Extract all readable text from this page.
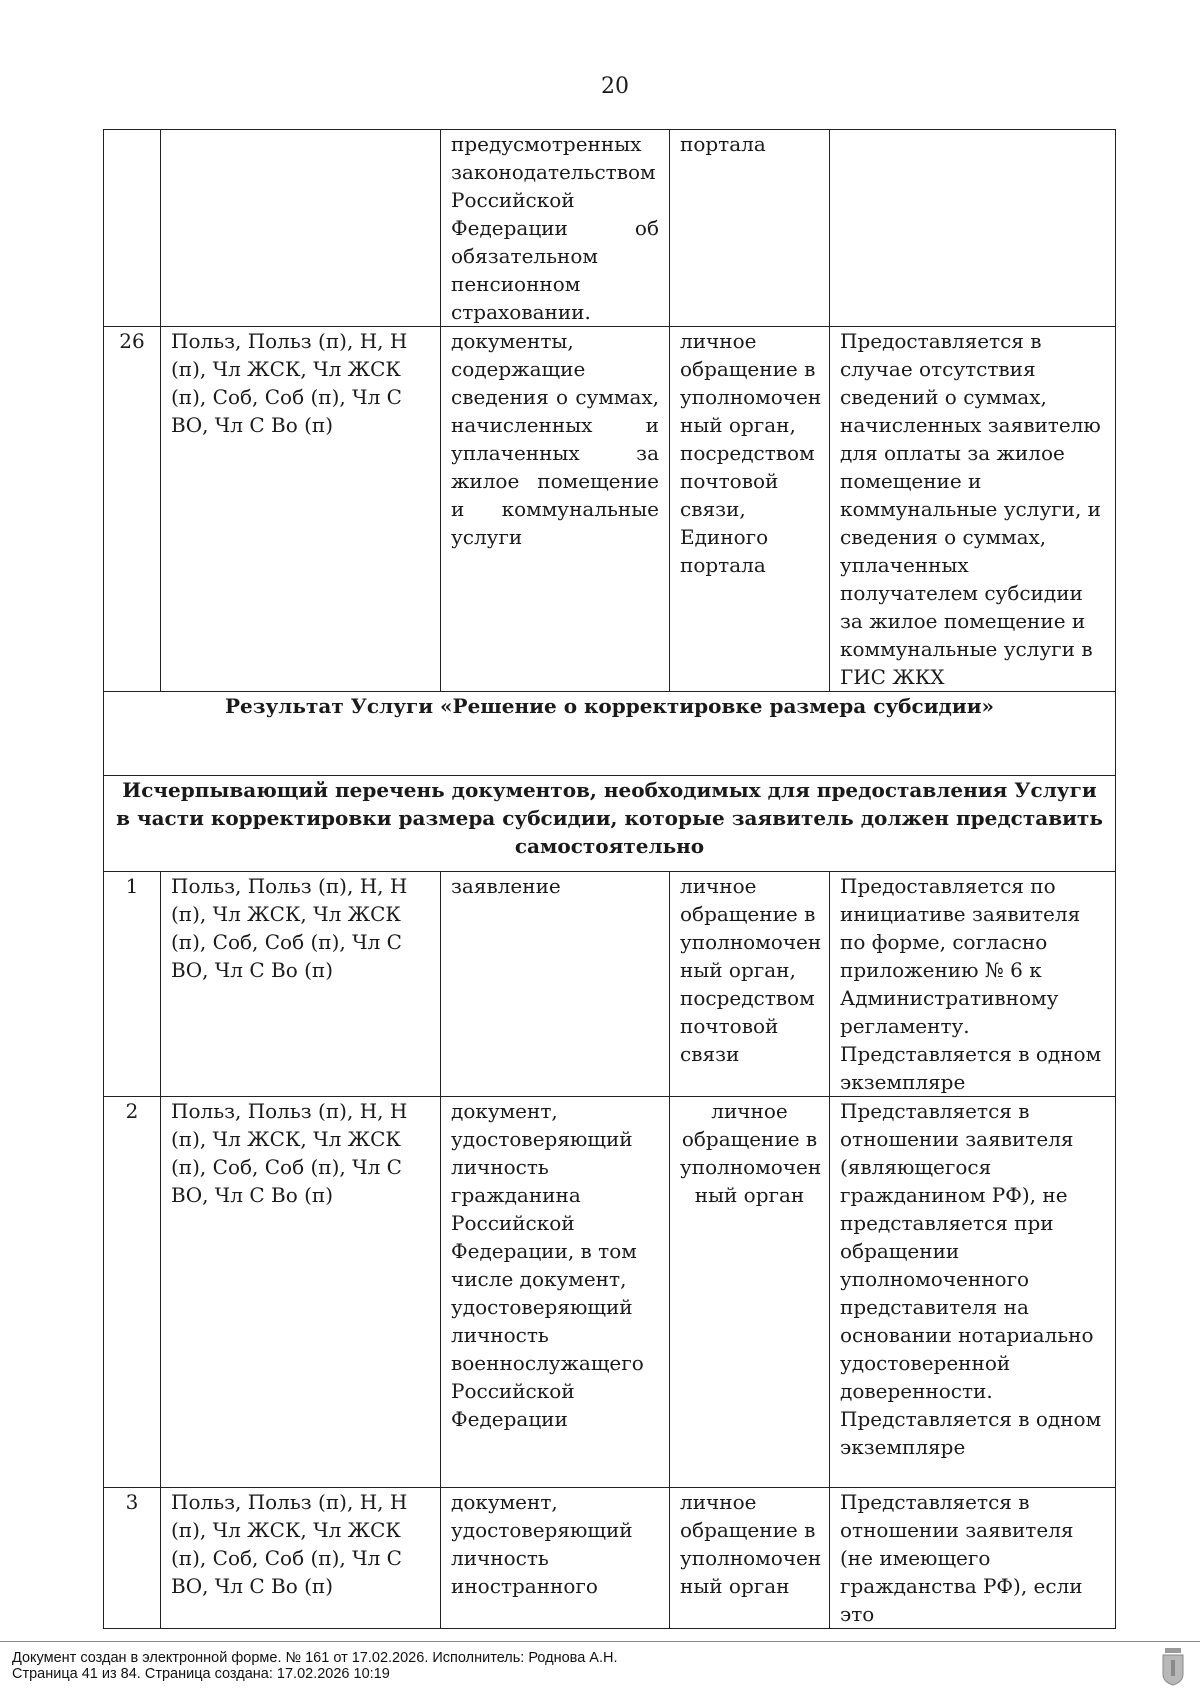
20
		предусмотренных законодательством Российской Федерации об обязательном пенсионном страховании.	портала	
26	Польз, Польз (п), Н, Н (п), Чл ЖСК, Чл ЖСК (п), Соб, Соб (п), Чл С ВО, Чл С Во (п)	документы, содержащие сведения о суммах, начисленных и уплаченных за жилое помещение и коммунальные услуги	личное обращение в уполномочен ный орган, посредством почтовой связи, Единого портала	Предоставляется в случае отсутствия сведений о суммах, начисленных заявителю для оплаты за жилое помещение и коммунальные услуги, и сведения о суммах, уплаченных получателем субсидии за жилое помещение и коммунальные услуги в ГИС ЖКХ
Результат Услуги «Решение о корректировке размера субсидии»				
Исчерпывающий перечень документов, необходимых для предоставления Услуги в части корректировки размера субсидии, которые заявитель должен представить самостоятельно				
1	Польз, Польз (п), Н, Н (п), Чл ЖСК, Чл ЖСК (п), Соб, Соб (п), Чл С ВО, Чл С Во (п)	заявление	личное обращение в уполномочен ный орган, посредством почтовой связи	Предоставляется по инициативе заявителя по форме, согласно приложению № 6 к Административному регламенту. Представляется в одном экземпляре
2	Польз, Польз (п), Н, Н (п), Чл ЖСК, Чл ЖСК (п), Соб, Соб (п), Чл С ВО, Чл С Во (п)	документ, удостоверяющий личность гражданина Российской Федерации, в том числе документ, удостоверяющий личность военнослужащего Российской Федерации	личное обращение в уполномочен ный орган	Представляется в отношении заявителя (являющегося гражданином РФ), не представляется при обращении уполномоченного представителя на основании нотариально удостоверенной доверенности. Представляется в одном экземпляре
3	Польз, Польз (п), Н, Н (п), Чл ЖСК, Чл ЖСК (п), Соб, Соб (п), Чл С ВО, Чл С Во (п)	документ, удостоверяющий личность иностранного	личное обращение в уполномочен ный орган	Представляется в отношении заявителя (не имеющего гражданства РФ), если это
Документ создан в электронной форме. № 161 от 17.02.2026. Исполнитель: Роднова А.Н.
Страница 41 из 84. Страница создана: 17.02.2026 10:19
